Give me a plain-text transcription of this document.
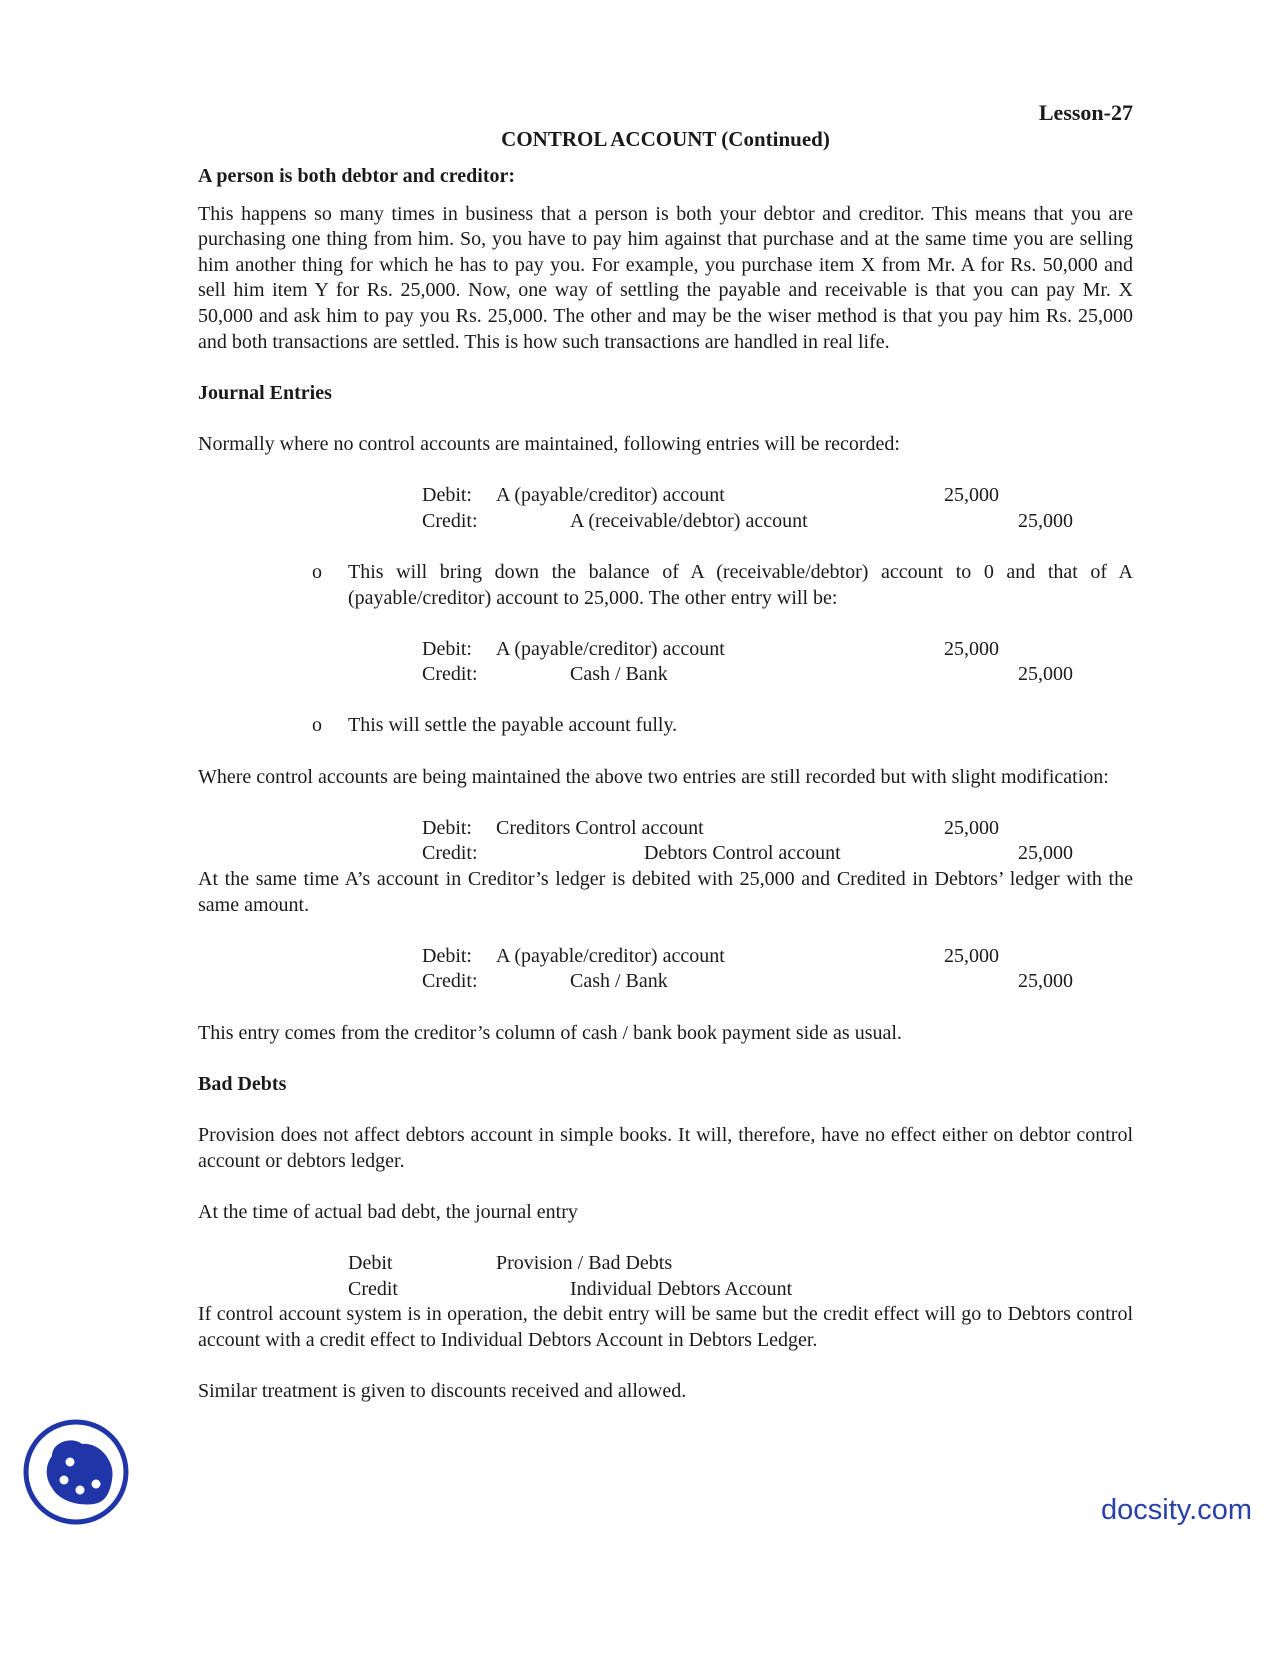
Lesson-27
CONTROL ACCOUNT (Continued)
A person is both debtor and creditor:

This happens so many times in business that a person is both your debtor and creditor. This means that you are purchasing one thing from him. So, you have to pay him against that purchase and at the same time you are selling him another thing for which he has to pay you. For example, you purchase item X from Mr. A for Rs. 50,000 and sell him item Y for Rs. 25,000. Now, one way of settling the payable and receivable is that you can pay Mr. X 50,000 and ask him to pay you Rs. 25,000. The other and may be the wiser method is that you pay him Rs. 25,000 and both transactions are settled. This is how such transactions are handled in real life.

Journal Entries

Normally where no control accounts are maintained, following entries will be recorded:

Debit: A (payable/creditor) account	25,000
Credit:	A (receivable/debtor) account	25,000
o This will bring down the balance of A (receivable/debtor) account to 0 and that of A (payable/creditor) account to 25,000. The other entry will be:
Debit: A (payable/creditor) account	25,000
Credit:	Cash / Bank	25,000
o This will settle the payable account fully.

Where control accounts are being maintained the above two entries are still recorded but with slight modification:

Debit: Creditors Control account	25,000
Credit:	Debtors Control account	25,000

At the same time A’s account in Creditor’s ledger is debited with 25,000 and Credited in Debtors’ ledger with the same amount.

Debit: A (payable/creditor) account	25,000
Credit:	Cash / Bank	25,000

This entry comes from the creditor’s column of cash / bank book payment side as usual.

Bad Debts

Provision does not affect debtors account in simple books. It will, therefore, have no effect either on debtor control account or debtors ledger.

At the time of actual bad debt, the journal entry

Debit	Provision / Bad Debts
Credit	Individual Debtors Account

If control account system is in operation, the debit entry will be same but the credit effect will go to Debtors control account with a credit effect to Individual Debtors Account in Debtors Ledger.

Similar treatment is given to discounts received and allowed.

docsity.com
